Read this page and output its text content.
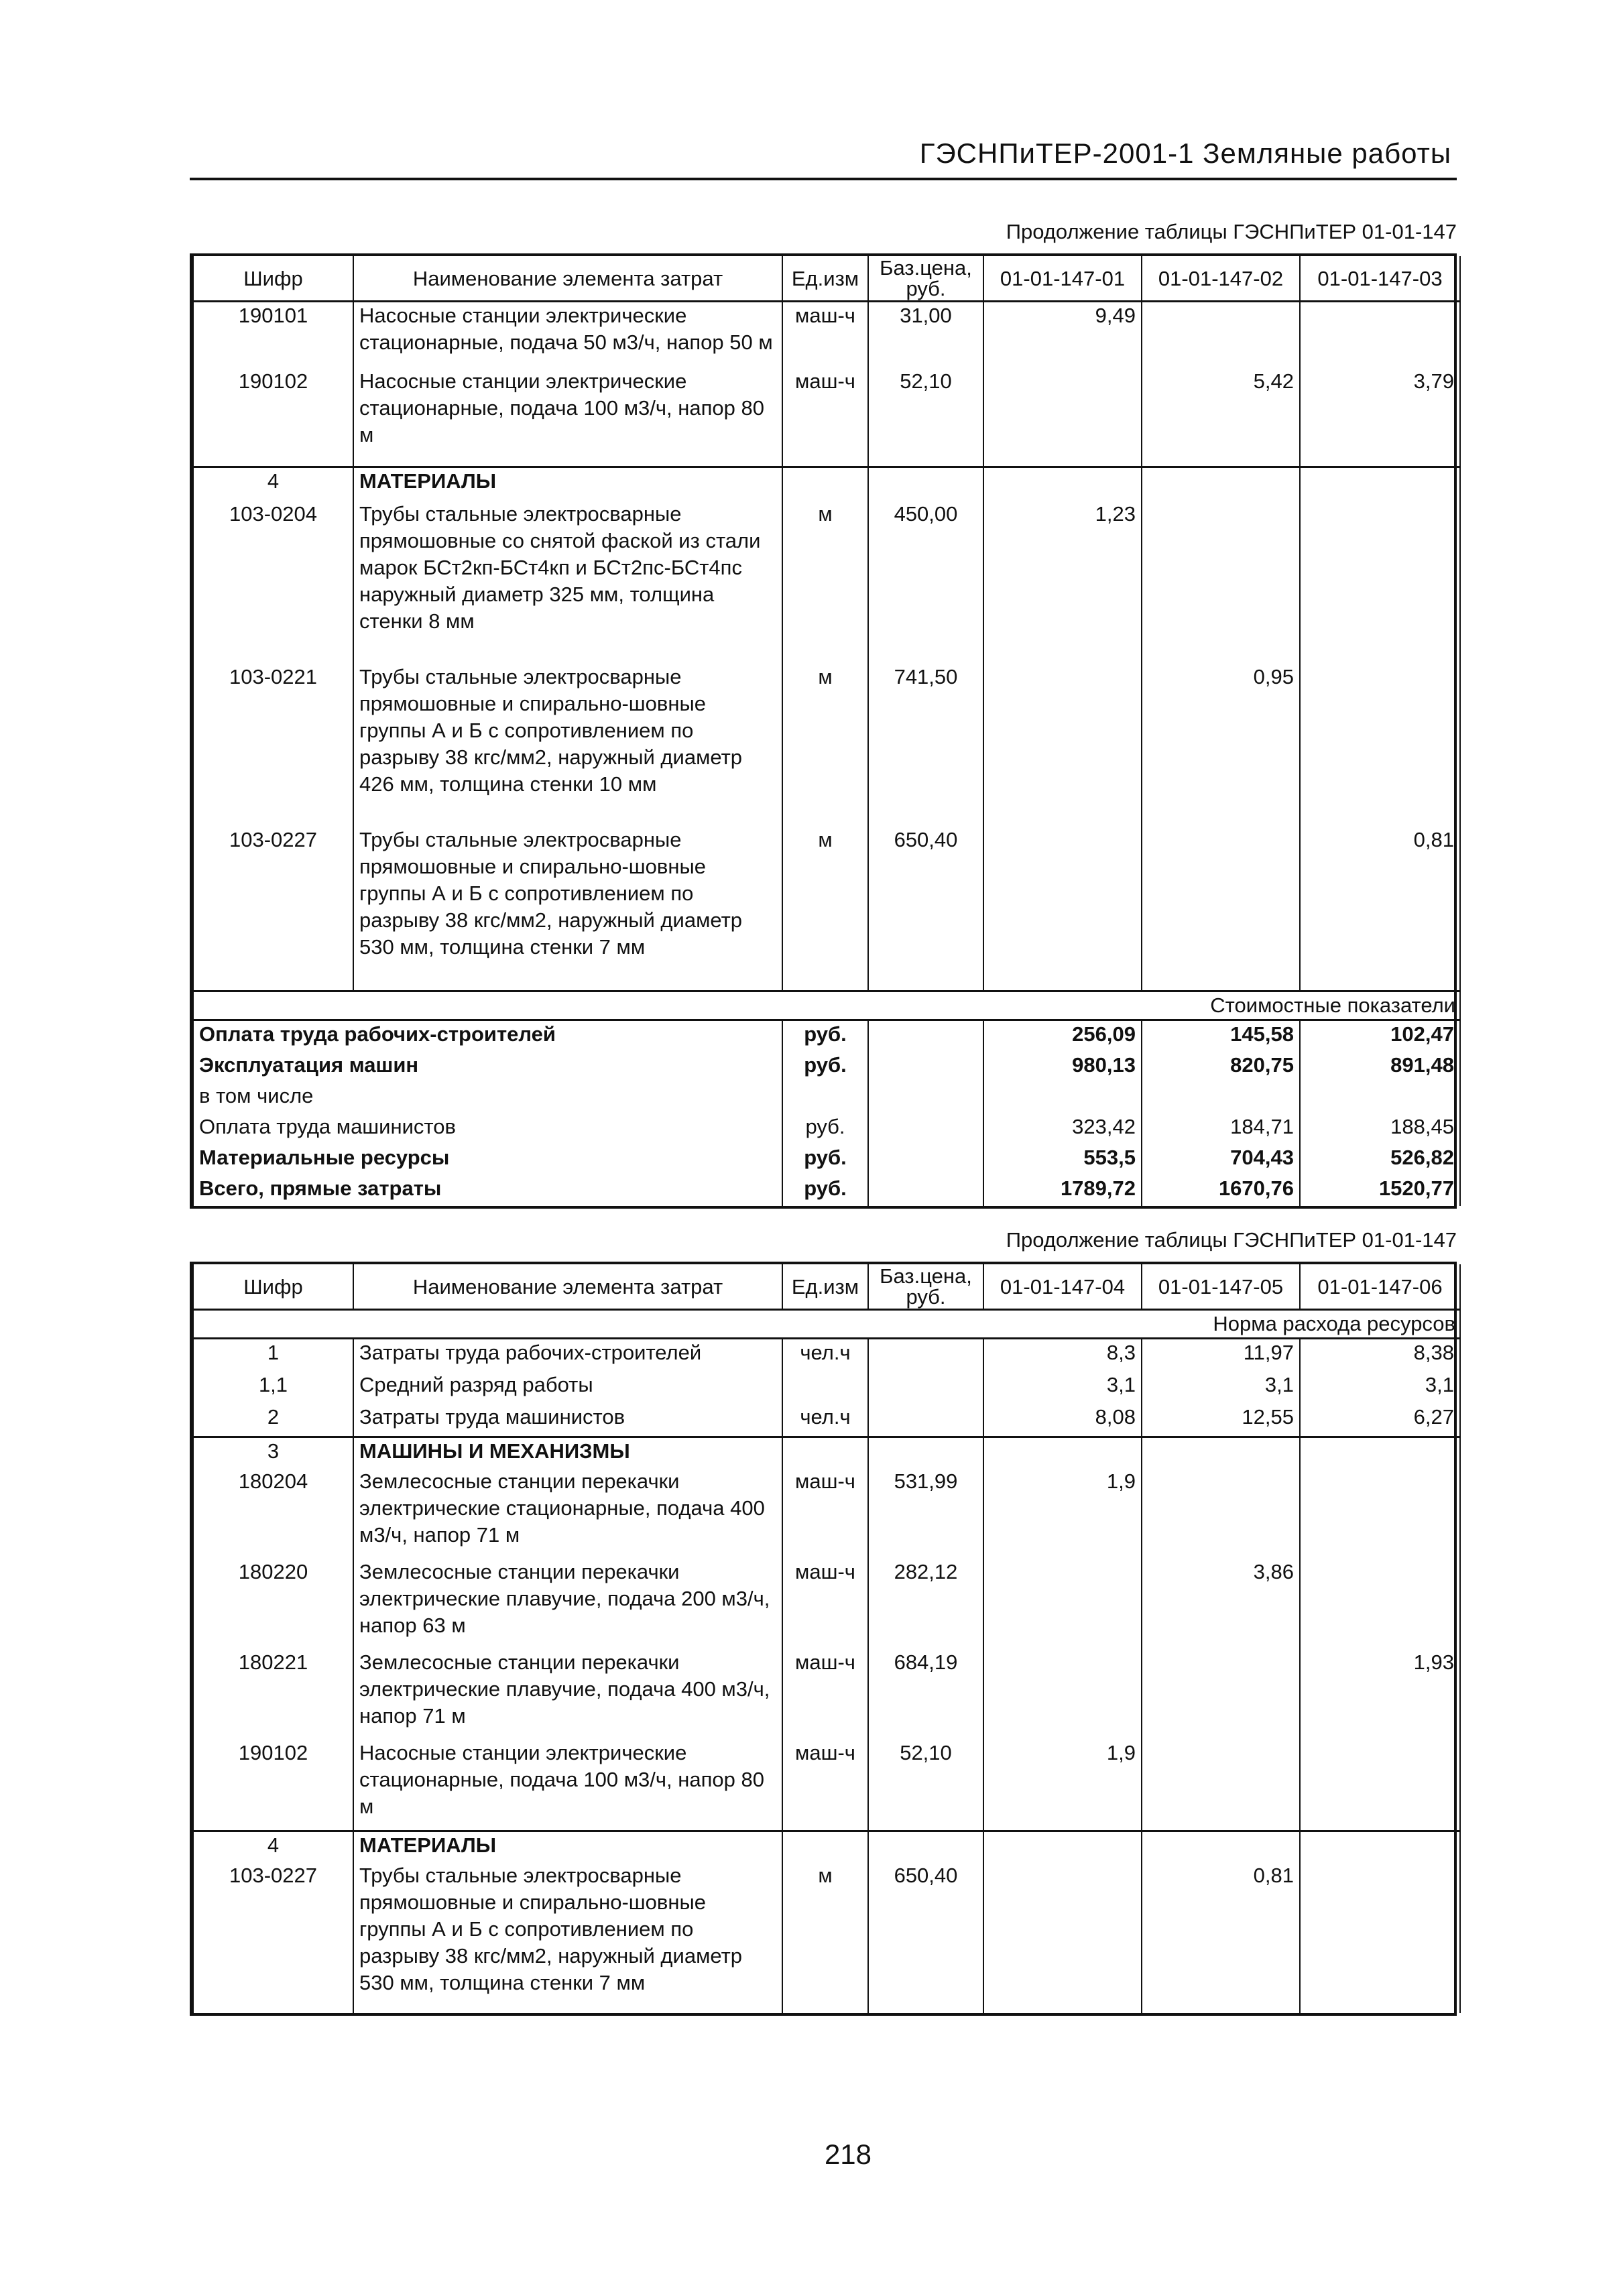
ГЭСНПиТЕР-2001-1 Земляные работы
Продолжение таблицы ГЭСНПиТЕР 01-01-147
Шифр	Наименование элемента затрат	Ед.изм	Баз.цена, руб.	01-01-147-01	01-01-147-02	01-01-147-03
190101	Насосные станции электрические стационарные, подача 50 м3/ч, напор 50 м	маш-ч	31,00	9,49		
190102	Насосные станции электрические стационарные, подача 100 м3/ч, напор 80 м	маш-ч	52,10		5,42	3,79
4	МАТЕРИАЛЫ					
103-0204	Трубы стальные электросварные прямошовные со снятой фаской из стали марок БСт2кп-БСт4кп и БСт2пс-БСт4пс наружный диаметр 325 мм, толщина стенки 8 мм	м	450,00	1,23		
103-0221	Трубы стальные электросварные прямошовные и спирально-шовные группы А и Б с сопротивлением по разрыву 38 кгс/мм2, наружный диаметр 426 мм, толщина стенки 10 мм	м	741,50		0,95	
103-0227	Трубы стальные электросварные прямошовные и спирально-шовные группы А и Б с сопротивлением по разрыву 38 кгс/мм2, наружный диаметр 530 мм, толщина стенки 7 мм	м	650,40			0,81
Стоимостные показатели						
Оплата труда рабочих-строителей		руб.		256,09	145,58	102,47
Эксплуатация машин		руб.		980,13	820,75	891,48
в том числе						
Оплата труда машинистов		руб.		323,42	184,71	188,45
Материальные ресурсы		руб.		553,5	704,43	526,82
Всего, прямые затраты		руб.		1789,72	1670,76	1520,77
Продолжение таблицы ГЭСНПиТЕР 01-01-147
Шифр	Наименование элемента затрат	Ед.изм	Баз.цена, руб.	01-01-147-04	01-01-147-05	01-01-147-06
Норма расхода ресурсов						
1	Затраты труда рабочих-строителей	чел.ч		8,3	11,97	8,38
1,1	Средний разряд работы			3,1	3,1	3,1
2	Затраты труда машинистов	чел.ч		8,08	12,55	6,27
3	МАШИНЫ И МЕХАНИЗМЫ					
180204	Землесосные станции перекачки электрические стационарные, подача 400 м3/ч, напор 71 м	маш-ч	531,99	1,9		
180220	Землесосные станции перекачки электрические плавучие, подача 200 м3/ч, напор 63 м	маш-ч	282,12		3,86	
180221	Землесосные станции перекачки электрические плавучие, подача 400 м3/ч, напор 71 м	маш-ч	684,19			1,93
190102	Насосные станции электрические стационарные, подача 100 м3/ч, напор 80 м	маш-ч	52,10	1,9		
4	МАТЕРИАЛЫ					
103-0227	Трубы стальные электросварные прямошовные и спирально-шовные группы А и Б с сопротивлением по разрыву 38 кгс/мм2, наружный диаметр 530 мм, толщина стенки 7 мм	м	650,40		0,81	
218
